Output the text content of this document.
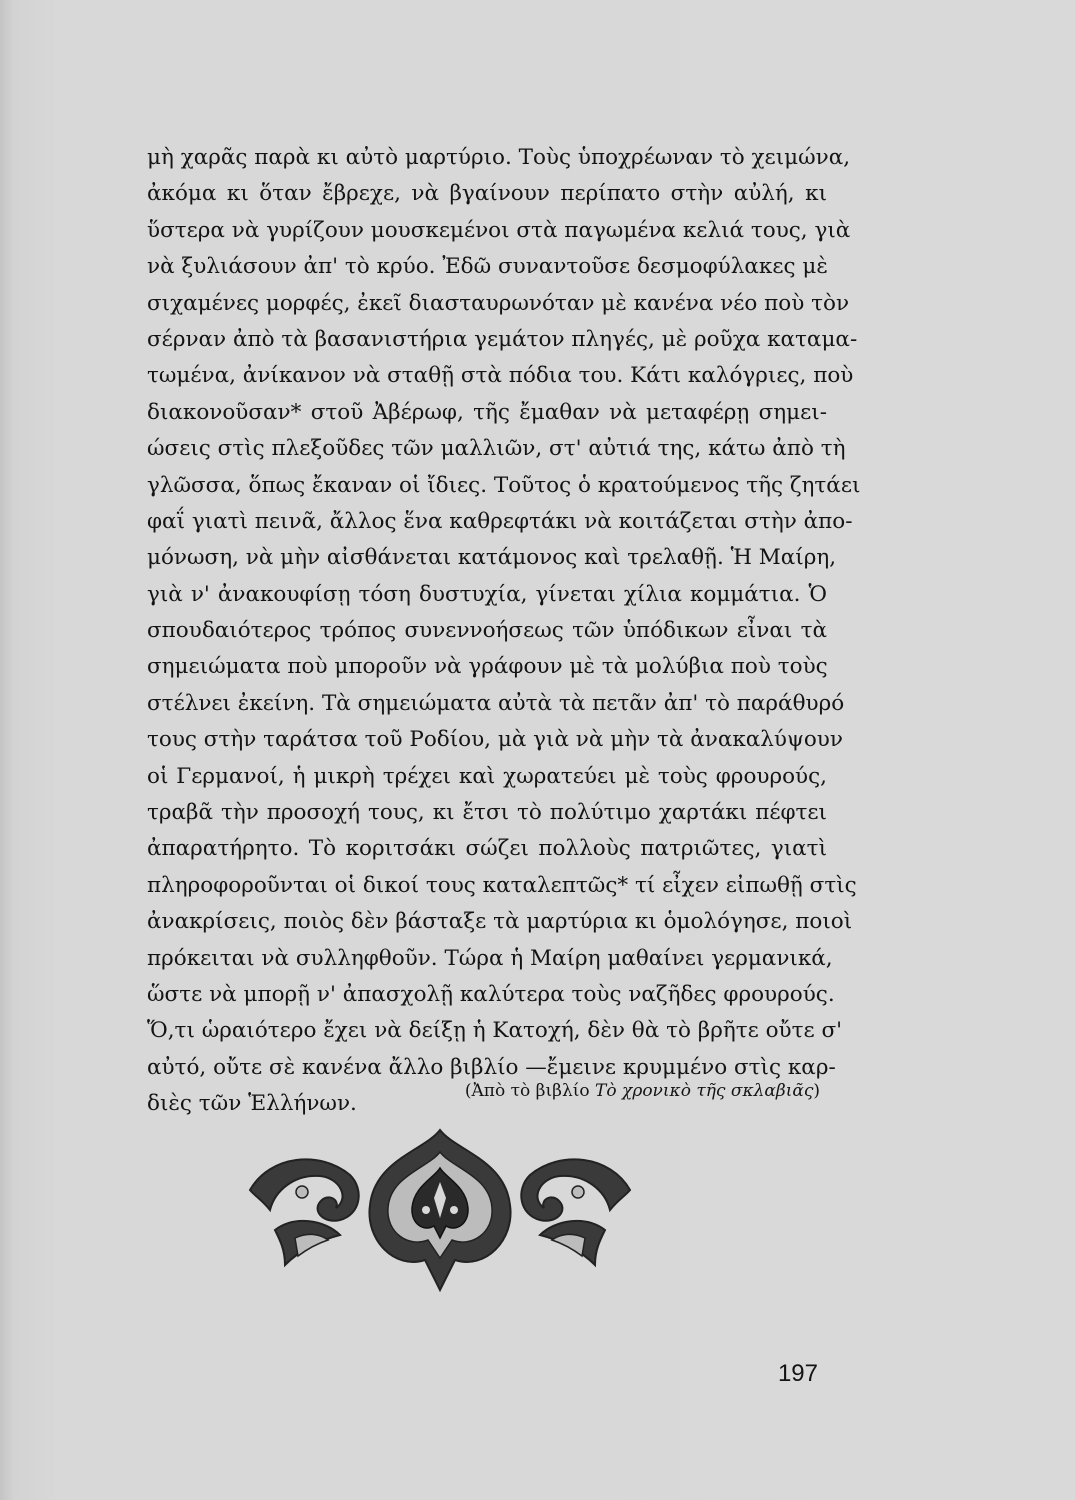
μὴ χαρᾶς παρὰ κι αὐτὸ μαρτύριο. Τοὺς ὑποχρέωναν τὸ χειμώνα,
ἀκόμα κι ὅταν ἔβρεχε, νὰ βγαίνουν περίπατο στὴν αὐλή, κι
ὕστερα νὰ γυρίζουν μουσκεμένοι στὰ παγωμένα κελιά τους, γιὰ
νὰ ξυλιάσουν ἀπ' τὸ κρύο. Ἐδῶ συναντοῦσε δεσμοφύλακες μὲ
σιχαμένες μορφές, ἐκεῖ διασταυρωνόταν μὲ κανένα νέο ποὺ τὸν
σέρναν ἀπὸ τὰ βασανιστήρια γεμάτον πληγές, μὲ ροῦχα καταμα-
τωμένα, ἀνίκανον νὰ σταθῇ στὰ πόδια του. Κάτι καλόγριες, ποὺ
διακονοῦσαν* στοῦ Ἀβέρωφ, τῆς ἔμαθαν νὰ μεταφέρῃ σημει-
ώσεις στὶς πλεξοῦδες τῶν μαλλιῶν, στ' αὐτιά της, κάτω ἀπὸ τὴ
γλῶσσα, ὅπως ἔκαναν οἱ ἴδιες. Τοῦτος ὁ κρατούμενος τῆς ζητάει
φαΐ γιατὶ πεινᾶ, ἄλλος ἕνα καθρεφτάκι νὰ κοιτάζεται στὴν ἀπο-
μόνωση, νὰ μὴν αἰσθάνεται κατάμονος καὶ τρελαθῇ. Ἡ Μαίρη,
γιὰ ν' ἀνακουφίσῃ τόση δυστυχία, γίνεται χίλια κομμάτια. Ὁ
σπουδαιότερος τρόπος συνεννοήσεως τῶν ὑπόδικων εἶναι τὰ
σημειώματα ποὺ μποροῦν νὰ γράφουν μὲ τὰ μολύβια ποὺ τοὺς
στέλνει ἐκείνη. Τὰ σημειώματα αὐτὰ τὰ πετᾶν ἀπ' τὸ παράθυρό
τους στὴν ταράτσα τοῦ Ροδίου, μὰ γιὰ νὰ μὴν τὰ ἀνακαλύψουν
οἱ Γερμανοί, ἡ μικρὴ τρέχει καὶ χωρατεύει μὲ τοὺς φρουρούς,
τραβᾶ τὴν προσοχή τους, κι ἔτσι τὸ πολύτιμο χαρτάκι πέφτει
ἀπαρατήρητο. Τὸ κοριτσάκι σώζει πολλοὺς πατριῶτες, γιατὶ
πληροφοροῦνται οἱ δικοί τους καταλεπτῶς* τί εἶχεν εἰπωθῇ στὶς
ἀνακρίσεις, ποιὸς δὲν βάσταξε τὰ μαρτύρια κι ὁμολόγησε, ποιοὶ
πρόκειται νὰ συλληφθοῦν. Τώρα ἡ Μαίρη μαθαίνει γερμανικά,
ὥστε νὰ μπορῇ ν' ἀπασχολῇ καλύτερα τοὺς ναζῆδες φρουρούς.
Ὅ,τι ὡραιότερο ἔχει νὰ δείξῃ ἡ Κατοχή, δὲν θὰ τὸ βρῆτε οὔτε σ'
αὐτό, οὔτε σὲ κανένα ἄλλο βιβλίο —ἔμεινε κρυμμένο στὶς καρ-
διὲς τῶν Ἑλλήνων.
(Ἀπὸ τὸ βιβλίο Τὸ χρονικὸ τῆς σκλαβιᾶς)
197
